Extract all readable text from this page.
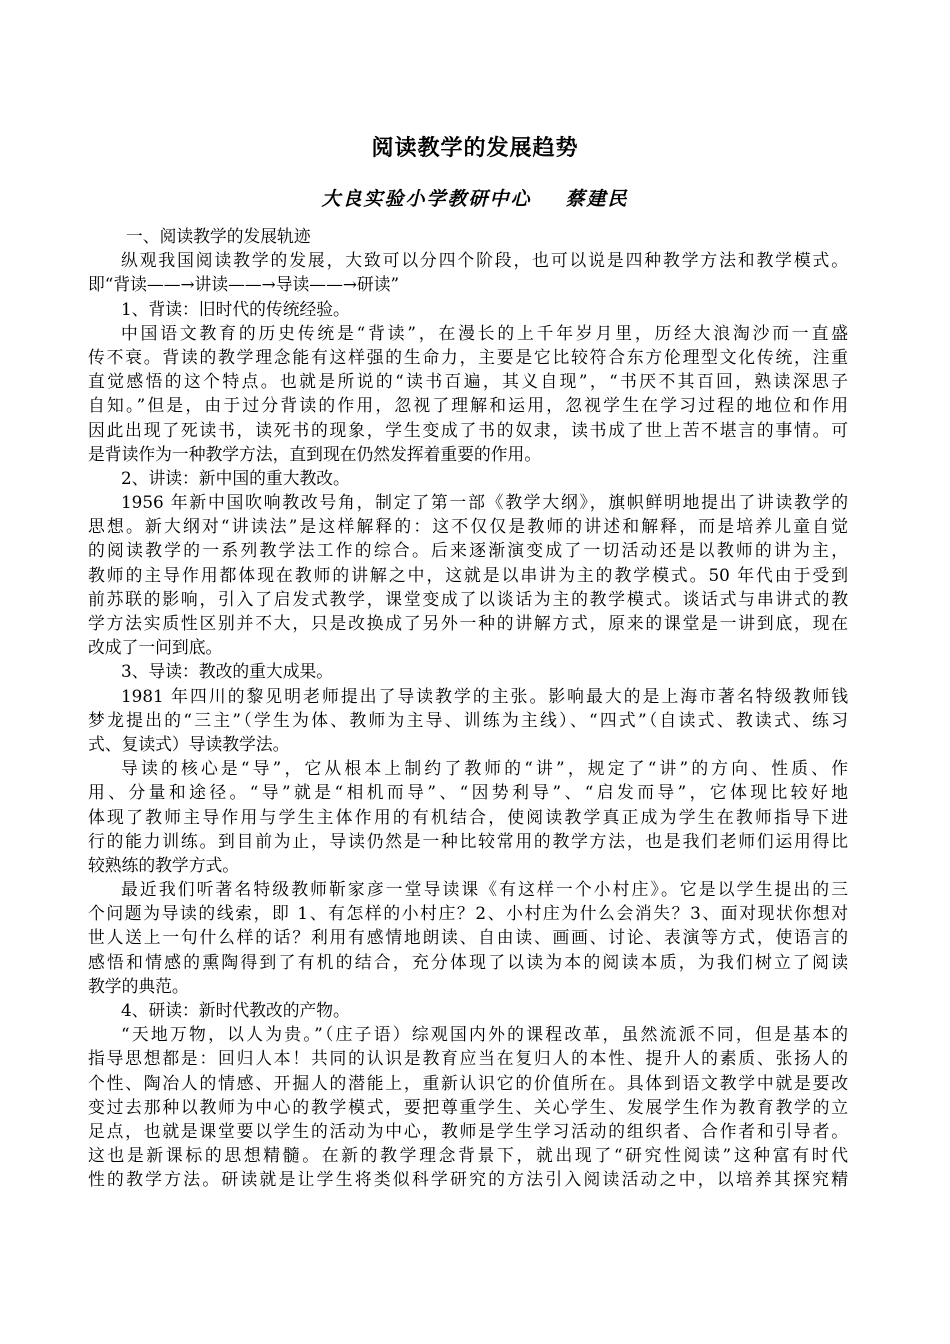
阅读教学的发展趋势
大良实验小学教研中心 蔡建民
一、阅读教学的发展轨迹
纵观我国阅读教学的发展，大致可以分四个阶段，也可以说是四种教学方法和教学模式。
即“背读——→讲读——→导读——→研读”
1、背读：旧时代的传统经验。
中国语文教育的历史传统是“背读”，在漫长的上千年岁月里，历经大浪淘沙而一直盛
传不衰。背读的教学理念能有这样强的生命力，主要是它比较符合东方伦理型文化传统，注重
直觉感悟的这个特点。也就是所说的“读书百遍，其义自现”，“书厌不其百回，熟读深思子
自知。”但是，由于过分背读的作用，忽视了理解和运用，忽视学生在学习过程的地位和作用
因此出现了死读书，读死书的现象，学生变成了书的奴隶，读书成了世上苦不堪言的事情。可
是背读作为一种教学方法，直到现在仍然发挥着重要的作用。
2、讲读：新中国的重大教改。
1956 年新中国吹响教改号角，制定了第一部《教学大纲》，旗帜鲜明地提出了讲读教学的
思想。新大纲对“讲读法”是这样解释的：这不仅仅是教师的讲述和解释，而是培养儿童自觉
的阅读教学的一系列教学法工作的综合。后来逐渐演变成了一切活动还是以教师的讲为主，
教师的主导作用都体现在教师的讲解之中，这就是以串讲为主的教学模式。50 年代由于受到
前苏联的影响，引入了启发式教学，课堂变成了以谈话为主的教学模式。谈话式与串讲式的教
学方法实质性区别并不大，只是改换成了另外一种的讲解方式，原来的课堂是一讲到底，现在
改成了一问到底。
3、导读：教改的重大成果。
1981 年四川的黎见明老师提出了导读教学的主张。影响最大的是上海市著名特级教师钱
梦龙提出的“三主”（学生为体、教师为主导、训练为主线）、“四式”（自读式、教读式、练习
式、复读式）导读教学法。
导读的核心是“导”，它从根本上制约了教师的“讲”，规定了“讲”的方向、性质、作
用、分量和途径。“导”就是“相机而导”、“因势利导”、“启发而导”，它体现比较好地
体现了教师主导作用与学生主体作用的有机结合，使阅读教学真正成为学生在教师指导下进
行的能力训练。到目前为止，导读仍然是一种比较常用的教学方法，也是我们老师们运用得比
较熟练的教学方式。
最近我们听著名特级教师靳家彦一堂导读课《有这样一个小村庄》。它是以学生提出的三
个问题为导读的线索，即 1、有怎样的小村庄？2、小村庄为什么会消失？3、面对现状你想对
世人送上一句什么样的话？利用有感情地朗读、自由读、画画、讨论、表演等方式，使语言的
感悟和情感的熏陶得到了有机的结合，充分体现了以读为本的阅读本质，为我们树立了阅读
教学的典范。
4、研读：新时代教改的产物。
“天地万物，以人为贵。”（庄子语）综观国内外的课程改革，虽然流派不同，但是基本的
指导思想都是：回归人本！共同的认识是教育应当在复归人的本性、提升人的素质、张扬人的
个性、陶冶人的情感、开掘人的潜能上，重新认识它的价值所在。具体到语文教学中就是要改
变过去那种以教师为中心的教学模式，要把尊重学生、关心学生、发展学生作为教育教学的立
足点，也就是课堂要以学生的活动为中心，教师是学生学习活动的组织者、合作者和引导者。
这也是新课标的思想精髓。在新的教学理念背景下，就出现了“研究性阅读”这种富有时代
性的教学方法。研读就是让学生将类似科学研究的方法引入阅读活动之中，以培养其探究精
